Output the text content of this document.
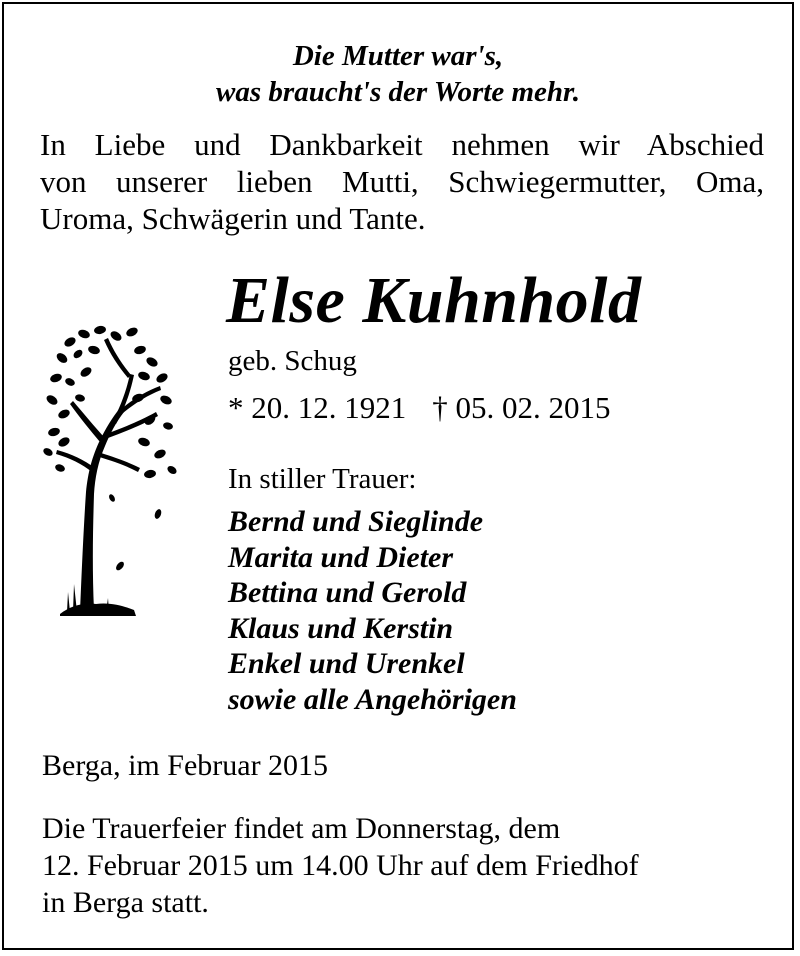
Die Mutter war's,
was braucht's der Worte mehr.
In Liebe und Dankbarkeit nehmen wir Abschied
von unserer lieben Mutti, Schwiegermutter, Oma,
Uroma, Schwägerin und Tante.
Else Kuhnhold
geb. Schug
* 20. 12. 1921 † 05. 02. 2015
In stiller Trauer:
Bernd und Sieglinde
Marita und Dieter
Bettina und Gerold
Klaus und Kerstin
Enkel und Urenkel
sowie alle Angehörigen
Berga, im Februar 2015
Die Trauerfeier findet am Donnerstag, dem
12. Februar 2015 um 14.00 Uhr auf dem Friedhof
in Berga statt.
